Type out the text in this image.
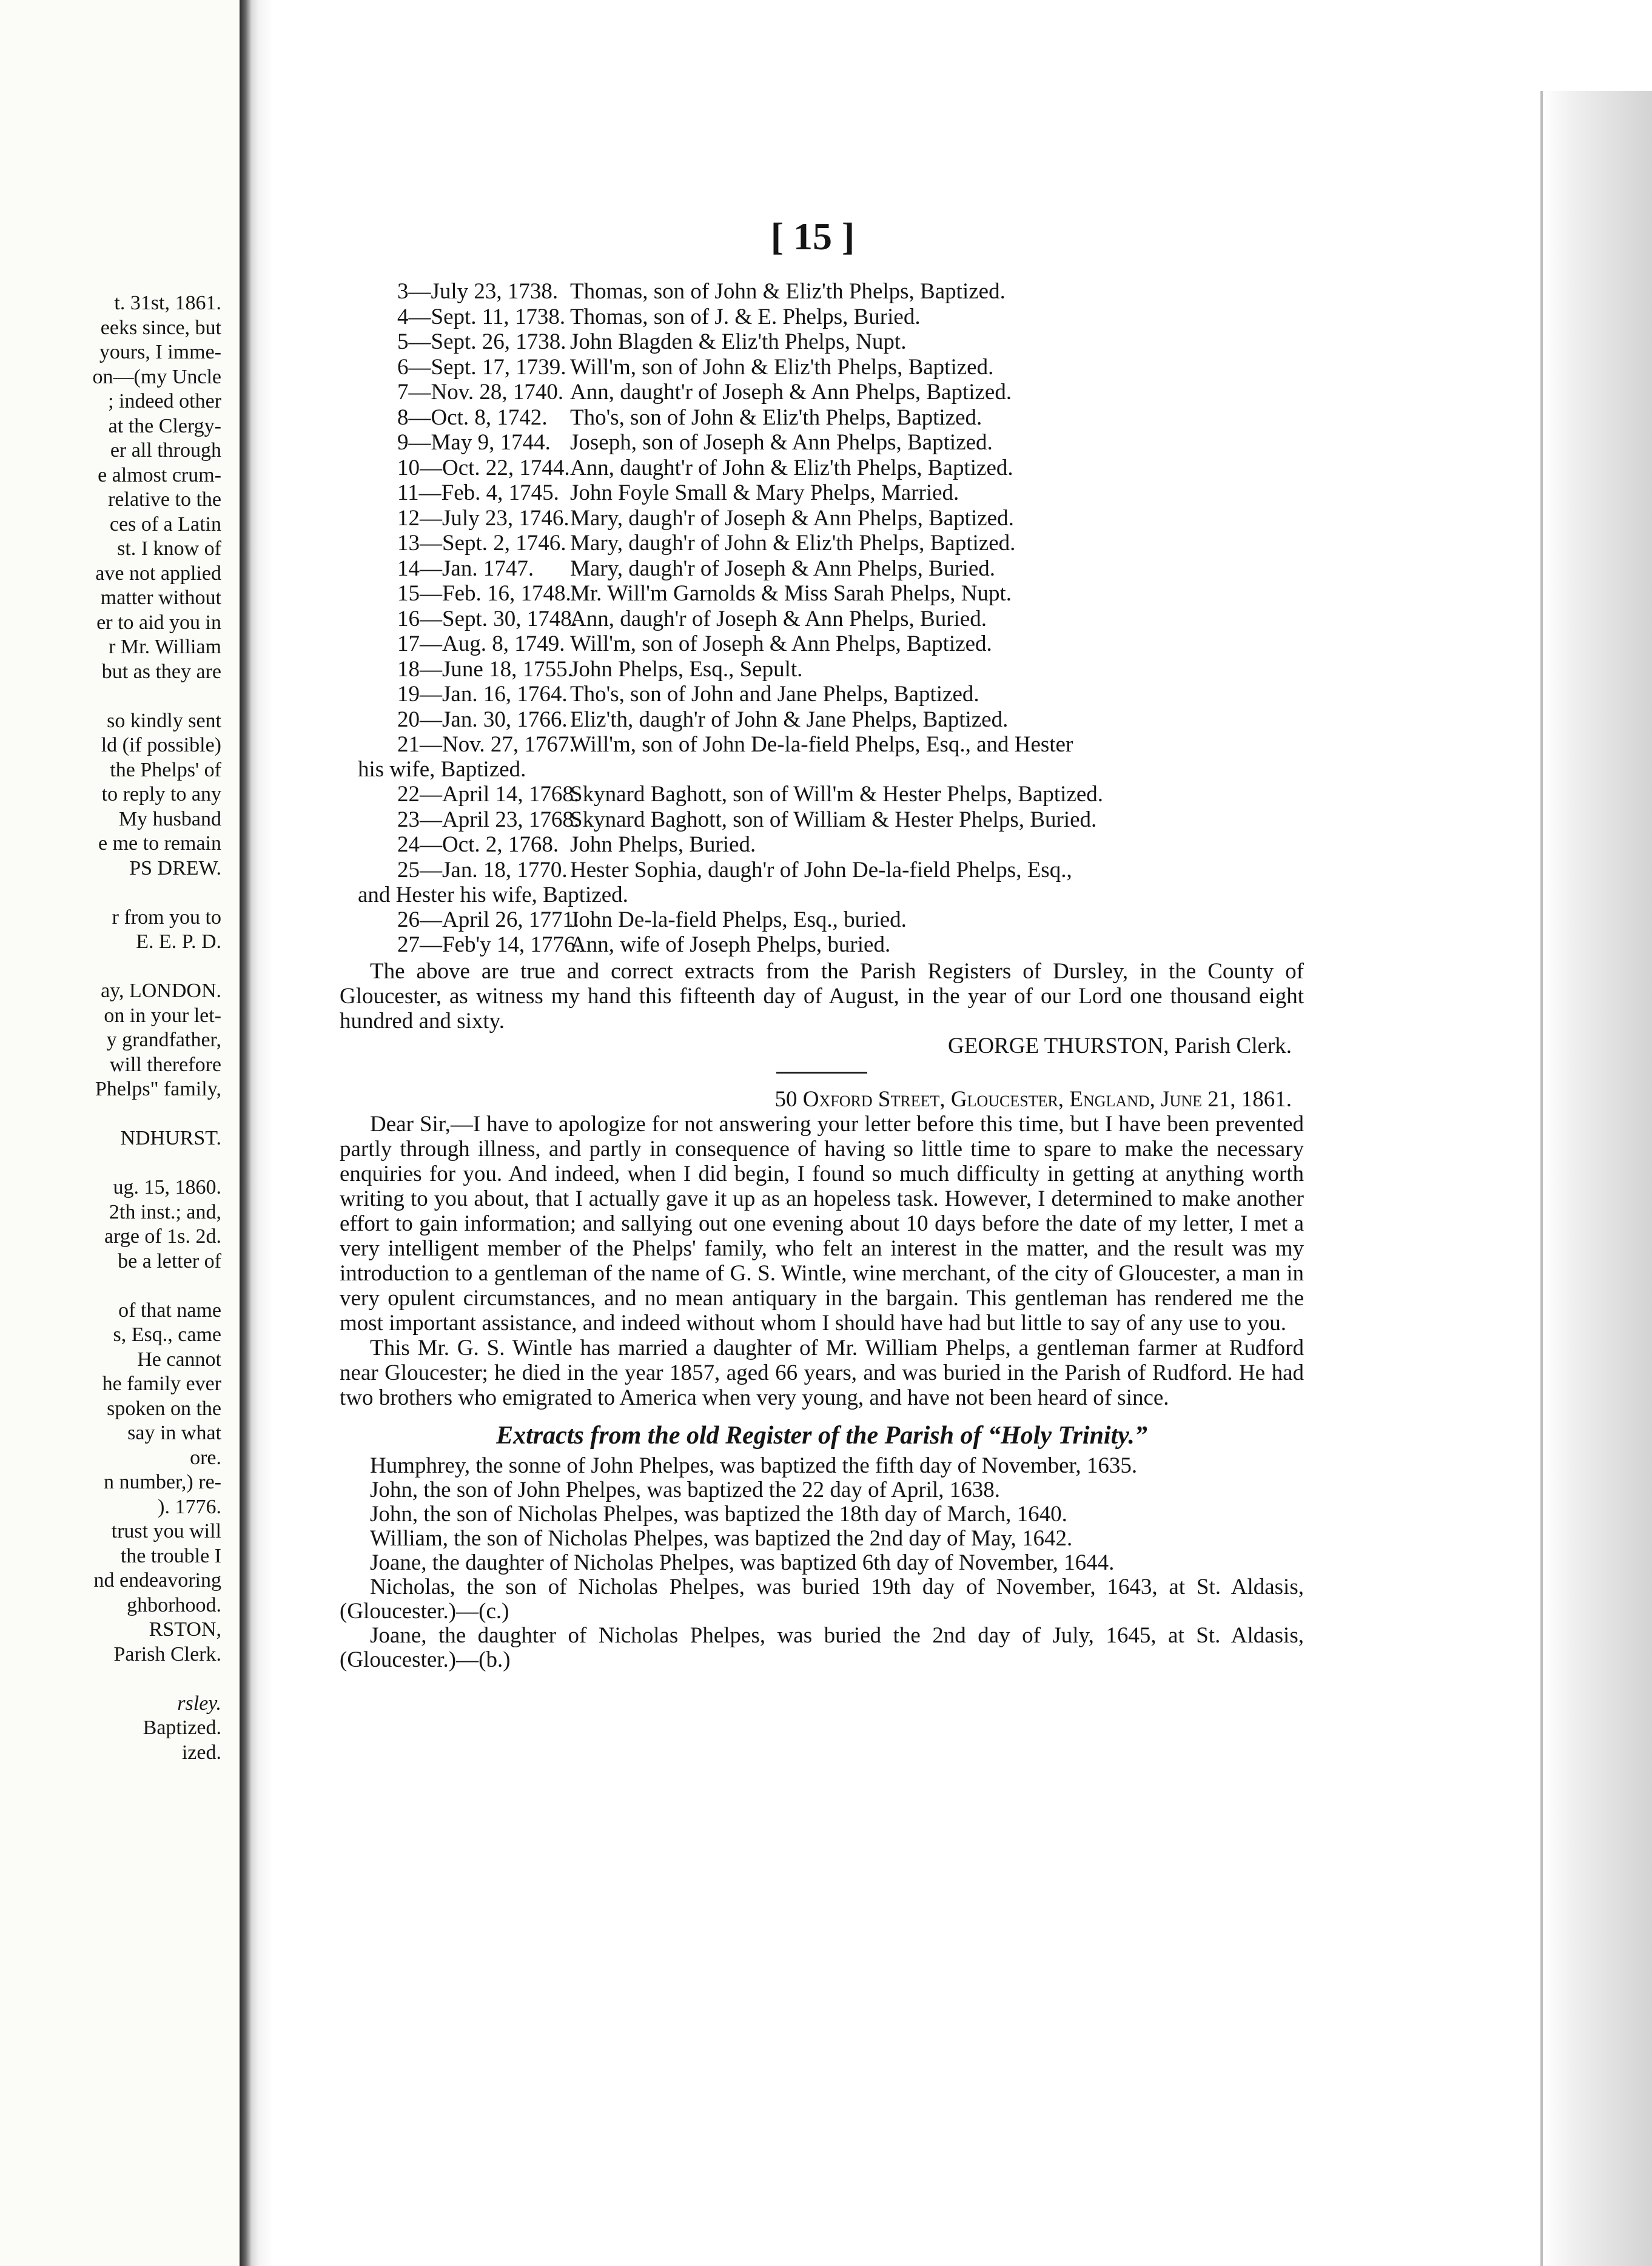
t. 31st, 1861.
eeks since, but
yours, I imme-
on—(my Uncle
; indeed other
at the Clergy-
er all through
e almost crum-
relative to the
ces of a Latin
st. I know of
ave not applied
matter without
er to aid you in
r Mr. William
but as they are
so kindly sent
ld (if possible)
the Phelps' of
to reply to any
My husband
e me to remain
PS DREW.
r from you to
E. E. P. D.
ay, LONDON.
on in your let-
y grandfather,
will therefore
Phelps" family,
NDHURST.
ug. 15, 1860.
2th inst.; and,
arge of 1s. 2d.
be a letter of
of that name
s, Esq., came
He cannot
he family ever
spoken on the
say in what
ore.
n number,) re-
). 1776.
trust you will
the trouble I
nd endeavoring
ghborhood.
RSTON,
Parish Clerk.
rsley.
Baptized.
ized.
[ 15 ]
3—July 23, 1738. Thomas, son of John & Eliz'th Phelps, Baptized.
4—Sept. 11, 1738. Thomas, son of J. & E. Phelps, Buried.
5—Sept. 26, 1738. John Blagden & Eliz'th Phelps, Nupt.
6—Sept. 17, 1739. Will'm, son of John & Eliz'th Phelps, Baptized.
7—Nov. 28, 1740. Ann, daught'r of Joseph & Ann Phelps, Baptized.
8—Oct. 8, 1742.	Tho's, son of John & Eliz'th Phelps, Baptized.
9—May 9, 1744. Joseph, son of Joseph & Ann Phelps, Baptized.
10—Oct. 22, 1744. Ann, daught'r of John & Eliz'th Phelps, Baptized.
11—Feb. 4, 1745. John Foyle Small & Mary Phelps, Married.
12—July 23, 1746. Mary, daugh'r of Joseph & Ann Phelps, Baptized.
13—Sept. 2, 1746. Mary, daugh'r of John & Eliz'th Phelps, Baptized.
14—Jan. 1747.	Mary, daugh'r of Joseph & Ann Phelps, Buried.
15—Feb. 16, 1748.
Mr. Will'm Garnolds & Miss Sarah Phelps, Nupt.
16—Sept. 30, 1748.
Ann, daugh'r of Joseph & Ann Phelps, Buried.
17—Aug. 8, 1749. Will'm, son of Joseph & Ann Phelps, Baptized.
18—June 18, 1755.
John Phelps, Esq., Sepult.
19—Jan. 16, 1764. Tho's, son of John and Jane Phelps, Baptized.
20—Jan. 30, 1766. Eliz'th, daugh'r of John & Jane Phelps, Baptized.
21—Nov. 27, 1767.
Will'm, son of John De-la-field Phelps, Esq., and Hester
his wife, Baptized.
22—April 14, 1768.
Skynard Baghott, son of Will'm & Hester Phelps, Baptized.
23—April 23, 1768.
Skynard Baghott, son of William & Hester Phelps, Buried.
24—Oct. 2, 1768. John Phelps, Buried.
25—Jan. 18, 1770. Hester Sophia, daugh'r of John De-la-field Phelps, Esq.,
and Hester his wife, Baptized.
26—April 26, 1771.
John De-la-field Phelps, Esq., buried.
27—Feb'y 14, 1776.
Ann, wife of Joseph Phelps, buried.

The above are true and correct extracts from the Parish Registers of Dursley, in the County of Gloucester, as witness my hand this fifteenth day of August, in the year of our Lord one thousand eight hundred and sixty.

GEORGE THURSTON, Parish Clerk.

50 Oxford Street, Gloucester, England, June 21, 1861.

Dear Sir,—I have to apologize for not answering your letter before this time, but I have been prevented partly through illness, and partly in consequence of having so little time to spare to make the necessary enquiries for you. And indeed, when I did begin, I found so much difficulty in getting at anything worth writing to you about, that I actually gave it up as an hopeless task. However, I determined to make another effort to gain information; and sallying out one evening about 10 days before the date of my letter, I met a very intelligent member of the Phelps' family, who felt an interest in the matter, and the result was my introduction to a gentleman of the name of G. S. Wintle, wine merchant, of the city of Gloucester, a man in very opulent circumstances, and no mean antiquary in the bargain. This gentleman has rendered me the most important assistance, and indeed without whom I should have had but little to say of any use to you.

This Mr. G. S. Wintle has married a daughter of Mr. William Phelps, a gentleman farmer at Rudford near Gloucester; he died in the year 1857, aged 66 years, and was buried in the Parish of Rudford. He had two brothers who emigrated to America when very young, and have not been heard of since.

Extracts from the old Register of the Parish of “Holy Trinity.”

Humphrey, the sonne of John Phelpes, was baptized the fifth day of November, 1635.

John, the son of John Phelpes, was baptized the 22 day of April, 1638.

John, the son of Nicholas Phelpes, was baptized the 18th day of March, 1640.

William, the son of Nicholas Phelpes, was baptized the 2nd day of May, 1642.

Joane, the daughter of Nicholas Phelpes, was baptized 6th day of November, 1644.

Nicholas, the son of Nicholas Phelpes, was buried 19th day of November, 1643, at St. Aldasis, (Gloucester.)—(c.)

Joane, the daughter of Nicholas Phelpes, was buried the 2nd day of July, 1645, at St. Aldasis, (Gloucester.)—(b.)
